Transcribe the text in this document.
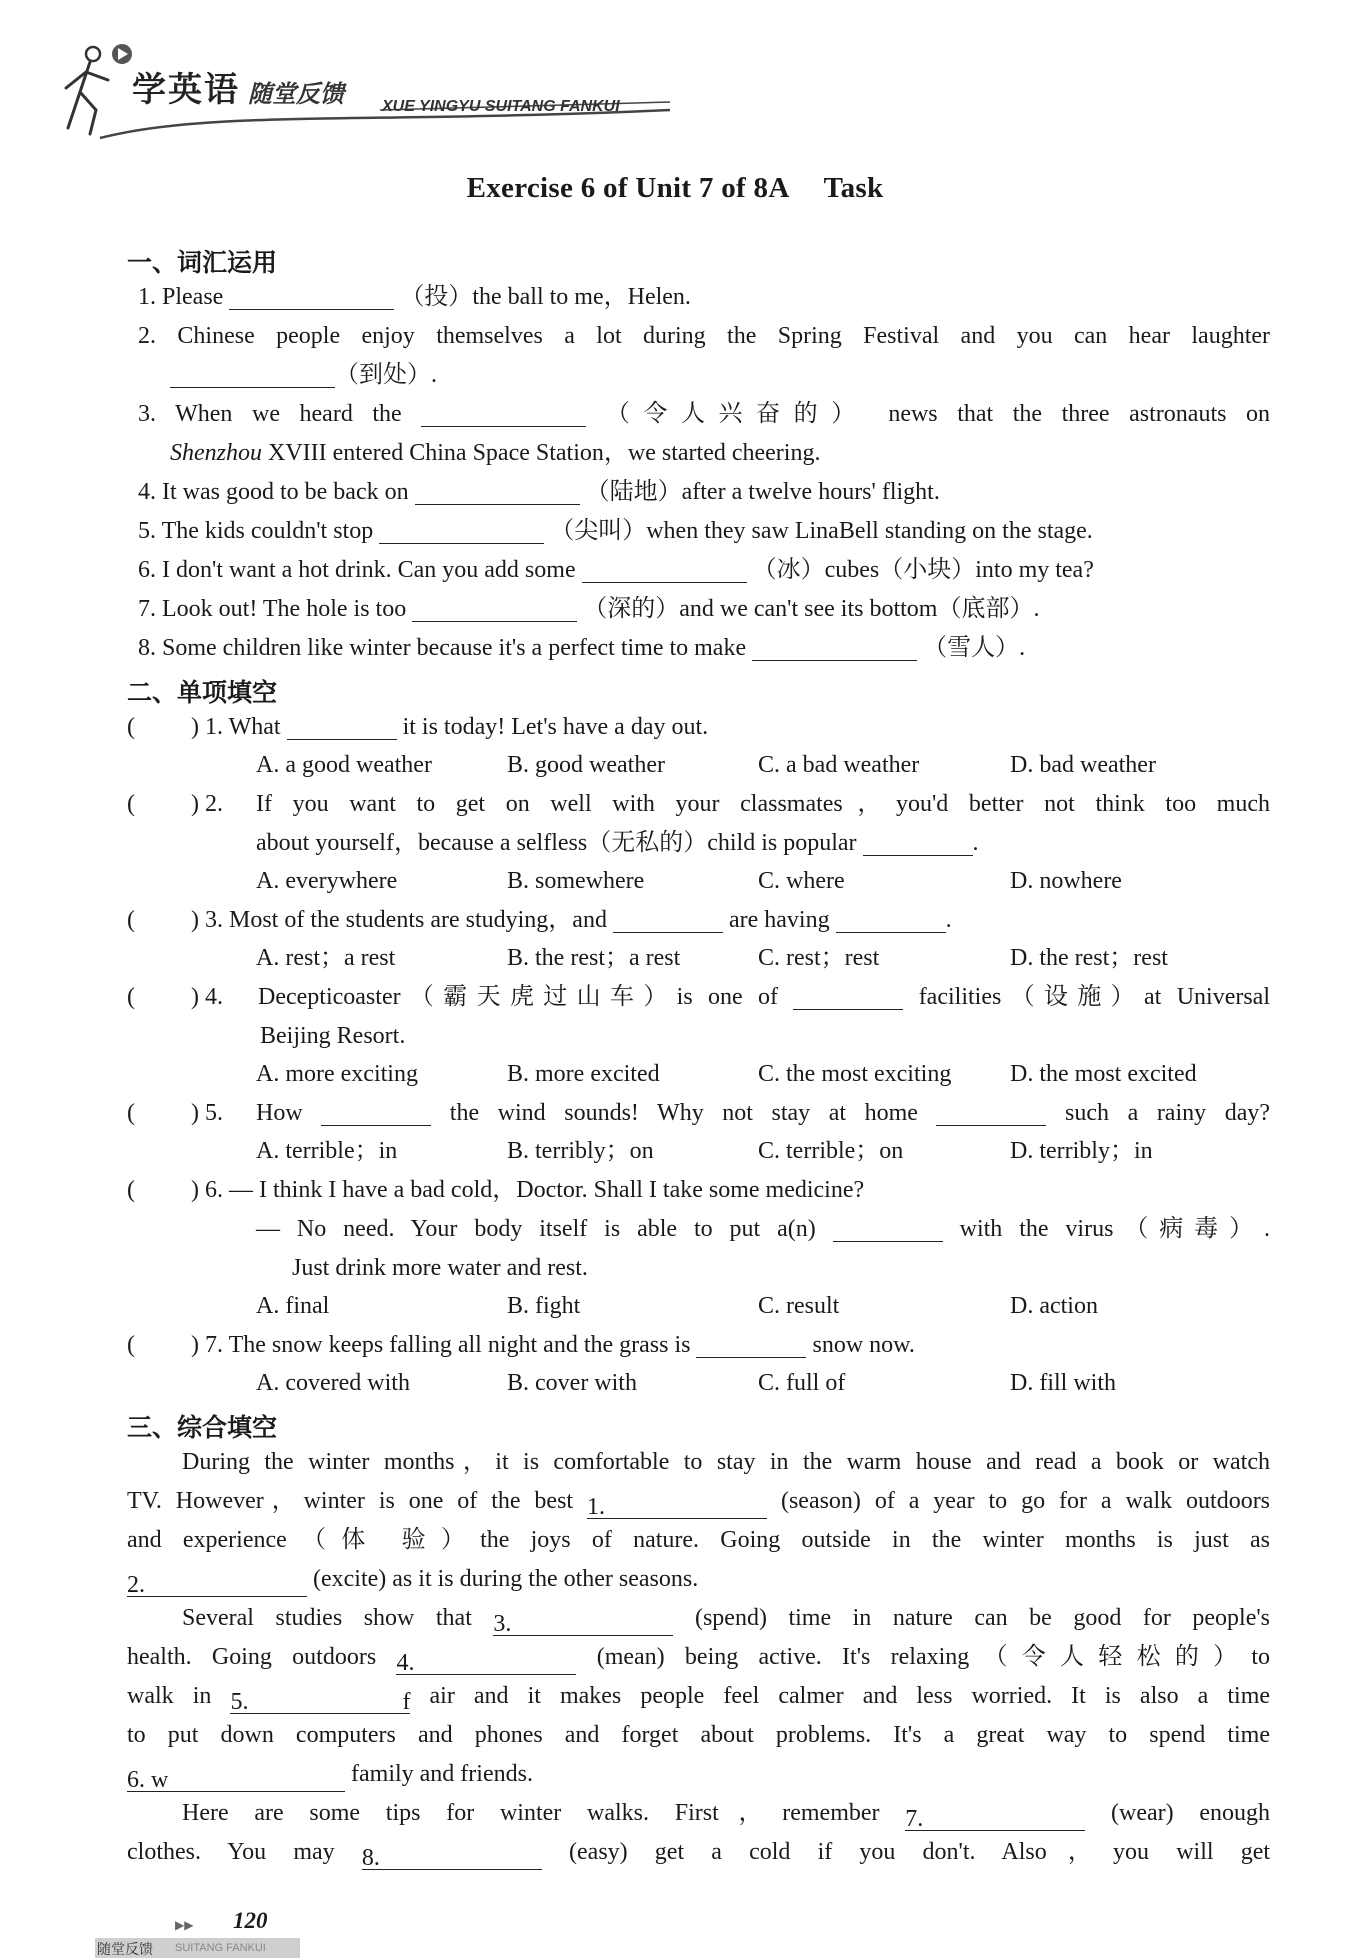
学英语 随堂反馈 XUE YINGYU SUITANG FANKUI
Exercise 6 of Unit 7 of 8A Task
一、词汇运用
1. Please	（投）the ball to me，Helen.
2. Chinese people enjoy themselves a lot during the Spring Festival and you can hear laughter
（到处）.
3. When we heard the	（令人兴奋的） news that the three astronauts on
Shenzhou XVIII entered China Space Station，we started cheering.
4. It was good to be back on	（陆地）after a twelve hours' flight.
5. The kids couldn't stop	（尖叫）when they saw LinaBell standing on the stage.
6. I don't want a hot drink. Can you add some	（冰）cubes（小块）into my tea?
7. Look out! The hole is too	（深的）and we can't see its bottom（底部）.
8. Some children like winter because it's a perfect time to make	（雪人）.
二、单项填空
( ) 1. What	it is today! Let's have a day out.
A. a good weather	B. good weather	C. a bad weather	D. bad weather
( ) 2. If you want to get on well with your classmates，you'd better not think too much
about yourself，because a selfless（无私的）child is popular	.
A. everywhere	B. somewhere	C. where	D. nowhere
( ) 3. Most of the students are studying，and	are having	.
A. rest；a rest	B. the rest；a rest	C. rest；rest	D. the rest；rest
( ) 4. Decepticoaster（霸天虎过山车）is one of	facilities（设施）at Universal
Beijing Resort.
A. more exciting	B. more excited	C. the most exciting D. the most excited
( ) 5. How	the wind sounds! Why not stay at home	such a rainy day?
A. terrible；in	B. terribly；on	C. terrible；on	D. terribly；in
( ) 6. — I think I have a bad cold，Doctor. Shall I take some medicine?
— No need. Your body itself is able to put a(n)	with the virus（病毒）.
Just drink more water and rest.
A. final	B. fight	C. result	D. action
( ) 7. The snow keeps falling all night and the grass is	snow now.
A. covered with	B. cover with	C. full of	D. fill with
三、综合填空
During the winter months，it is comfortable to stay in the warm house and read a book or watch
TV. However，winter is one of the best 1.	(season) of a year to go for a walk outdoors
and experience（体 验）the joys of nature. Going outside in the winter months is just as
2.	(excite) as it is during the other seasons.
Several studies show that 3.	(spend) time in nature can be good for people's
health. Going outdoors 4.	(mean) being active. It's relaxing（令人轻松的）to
walk in 5. f air and it makes people feel calmer and less worried. It is also a time
to put down computers and phones and forget about problems. It's a great way to spend time
6. w	family and friends.
Here are some tips for winter walks. First，remember 7.	(wear) enough
clothes. You may 8.	(easy) get a cold if you don't. Also，you will get
▶▶ 120
随堂反馈 SUITANG FANKUI
